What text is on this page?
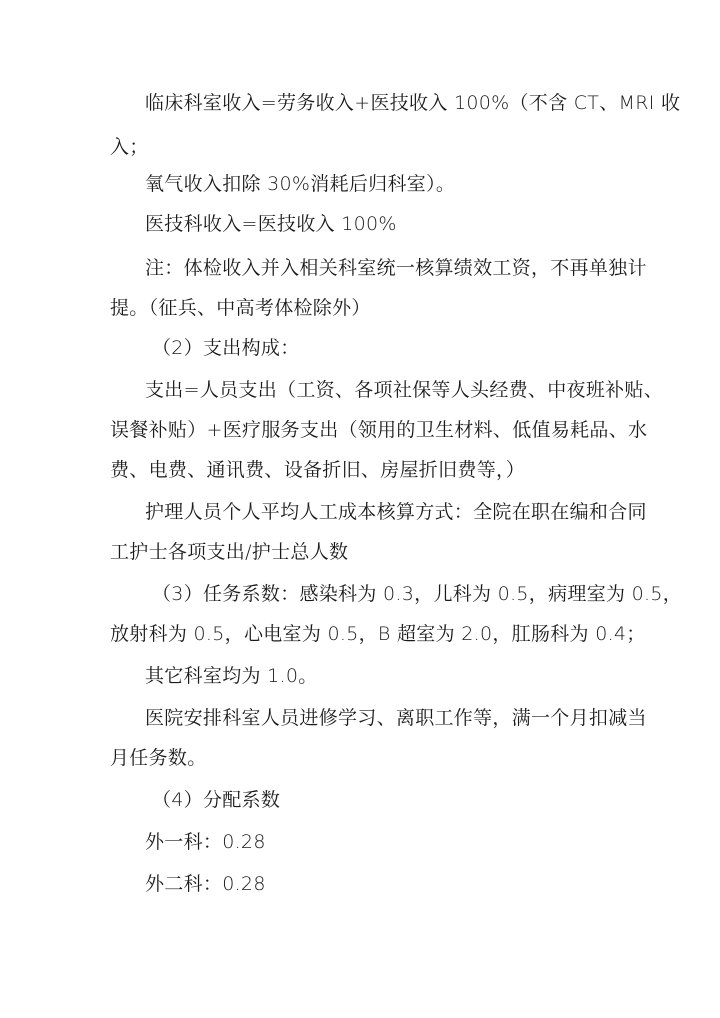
临床科室收入=劳务收入+医技收入 100%（不含 CT、MRI 收
入；
氧气收入扣除 30%消耗后归科室）。
医技科收入=医技收入 100%
注：体检收入并入相关科室统一核算绩效工资，不再单独计
提。（征兵、中高考体检除外）
（2）支出构成：
支出=人员支出（工资、各项社保等人头经费、中夜班补贴、
误餐补贴）+医疗服务支出（领用的卫生材料、低值易耗品、水
费、电费、通讯费、设备折旧、房屋折旧费等，）
护理人员个人平均人工成本核算方式：全院在职在编和合同
工护士各项支出/护士总人数
（3）任务系数：感染科为 0.3，儿科为 0.5，病理室为 0.5，
放射科为 0.5，心电室为 0.5，B 超室为 2.0，肛肠科为 0.4；
其它科室均为 1.0。
医院安排科室人员进修学习、离职工作等，满一个月扣减当
月任务数。
（4）分配系数
外一科：0.28
外二科：0.28
